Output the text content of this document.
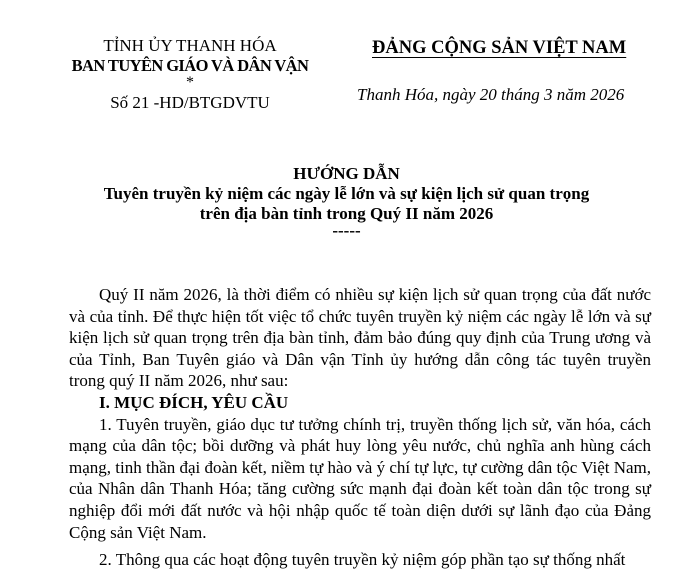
TỈNH ỦY THANH HÓA
BAN TUYÊN GIÁO VÀ DÂN VẬN
*
Số 21 -HD/BTGDVTU
ĐẢNG CỘNG SẢN VIỆT NAM
Thanh Hóa, ngày 20 tháng 3 năm 2026
HƯỚNG DẪN
Tuyên truyền kỷ niệm các ngày lễ lớn và sự kiện lịch sử quan trọng
trên địa bàn tỉnh trong Quý II năm 2026
-----

Quý II năm 2026, là thời điểm có nhiều sự kiện lịch sử quan trọng của đất nước và của tỉnh. Để thực hiện tốt việc tổ chức tuyên truyền kỷ niệm các ngày lễ lớn và sự kiện lịch sử quan trọng trên địa bàn tỉnh, đảm bảo đúng quy định của Trung ương và của Tỉnh, Ban Tuyên giáo và Dân vận Tỉnh ủy hướng dẫn công tác tuyên truyền trong quý II năm 2026, như sau:

I. MỤC ĐÍCH, YÊU CẦU

1. Tuyên truyền, giáo dục tư tưởng chính trị, truyền thống lịch sử, văn hóa, cách mạng của dân tộc; bồi dưỡng và phát huy lòng yêu nước, chủ nghĩa anh hùng cách mạng, tinh thần đại đoàn kết, niềm tự hào và ý chí tự lực, tự cường dân tộc Việt Nam, của Nhân dân Thanh Hóa; tăng cường sức mạnh đại đoàn kết toàn dân tộc trong sự nghiệp đổi mới đất nước và hội nhập quốc tế toàn diện dưới sự lãnh đạo của Đảng Cộng sản Việt Nam.

2. Thông qua các hoạt động tuyên truyền kỷ niệm góp phần tạo sự thống nhất
